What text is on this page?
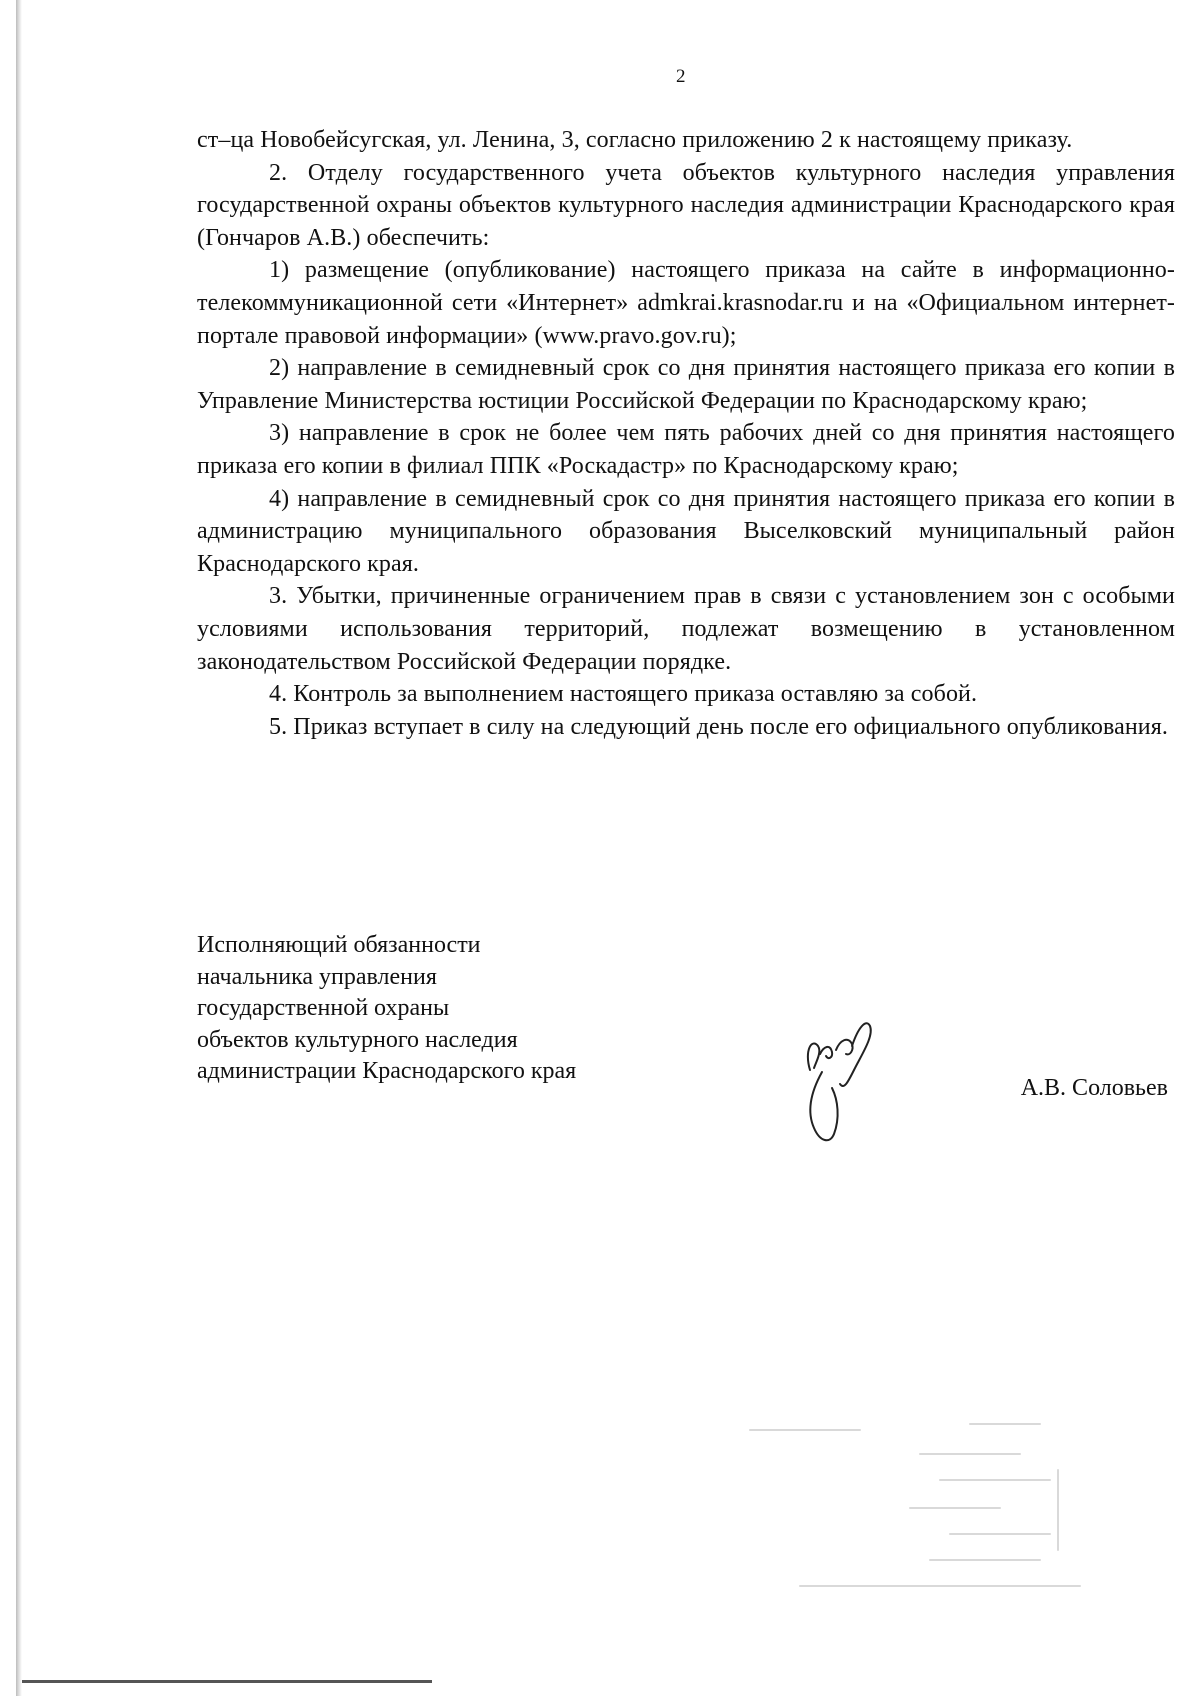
2

ст–ца Новобейсугская, ул. Ленина, 3, согласно приложению 2 к настоящему приказу.

2. Отделу государственного учета объектов культурного наследия управления государственной охраны объектов культурного наследия администрации Краснодарского края (Гончаров А.В.) обеспечить:

1) размещение (опубликование) настоящего приказа на сайте в информационно-телекоммуникационной сети «Интернет» admkrai.krasnodar.ru и на «Официальном интернет-портале правовой информации» (www.pravo.gov.ru);

2) направление в семидневный срок со дня принятия настоящего приказа его копии в Управление Министерства юстиции Российской Федерации по Краснодарскому краю;

3) направление в срок не более чем пять рабочих дней со дня принятия настоящего приказа его копии в филиал ППК «Роскадастр» по Краснодарскому краю;

4) направление в семидневный срок со дня принятия настоящего приказа его копии в администрацию муниципального образования Выселковский муниципальный район Краснодарского края.

3. Убытки, причиненные ограничением прав в связи с установлением зон с особыми условиями использования территорий, подлежат возмещению в установленном законодательством Российской Федерации порядке.

4. Контроль за выполнением настоящего приказа оставляю за собой.

5. Приказ вступает в силу на следующий день после его официального опубликования.

Исполняющий обязанности
начальника управления
государственной охраны
объектов культурного наследия
администрации Краснодарского края
А.В. Соловьев
